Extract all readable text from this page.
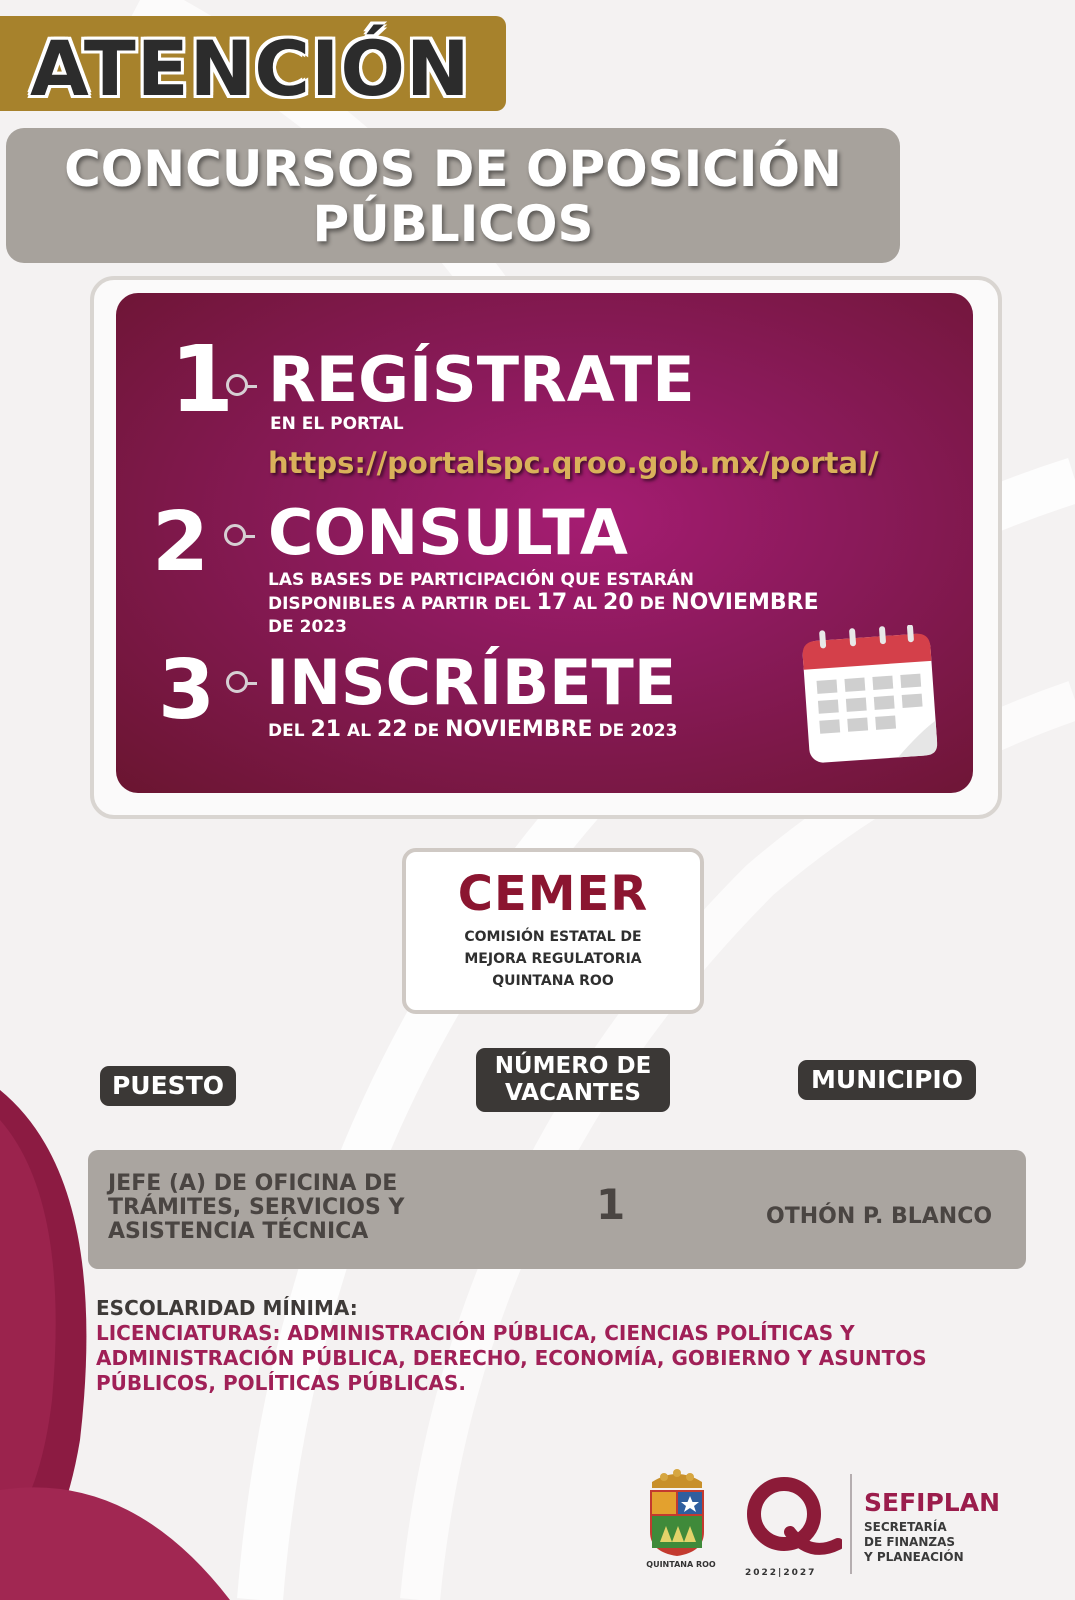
ATENCIÓN
CONCURSOS DE OPOSICIÓN
PÚBLICOS
1 REGÍSTRATE
EN EL PORTAL
https://portalspc.qroo.gob.mx/portal/
2 CONSULTA
LAS BASES DE PARTICIPACIÓN QUE ESTARÁN
DISPONIBLES A PARTIR DEL 17 AL 20 DE NOVIEMBRE
DE 2023
3 INSCRÍBETE
DEL 21 AL 22 DE NOVIEMBRE DE 2023
CEMER
COMISIÓN ESTATAL DE
MEJORA REGULATORIA
QUINTANA ROO
PUESTO
NÚMERO DE
VACANTES	MUNICIPIO
JEFE (A) DE OFICINA DE
TRÁMITES, SERVICIOS Y
ASISTENCIA TÉCNICA
1	OTHÓN P. BLANCO
ESCOLARIDAD MÍNIMA:
LICENCIATURAS: ADMINISTRACIÓN PÚBLICA, CIENCIAS POLÍTICAS Y
ADMINISTRACIÓN PÚBLICA, DERECHO, ECONOMÍA, GOBIERNO Y ASUNTOS
PÚBLICOS, POLÍTICAS PÚBLICAS.
QUINTANA ROO
2022|2027
SEFIPLAN
SECRETARÍA
DE FINANZAS
Y PLANEACIÓN
